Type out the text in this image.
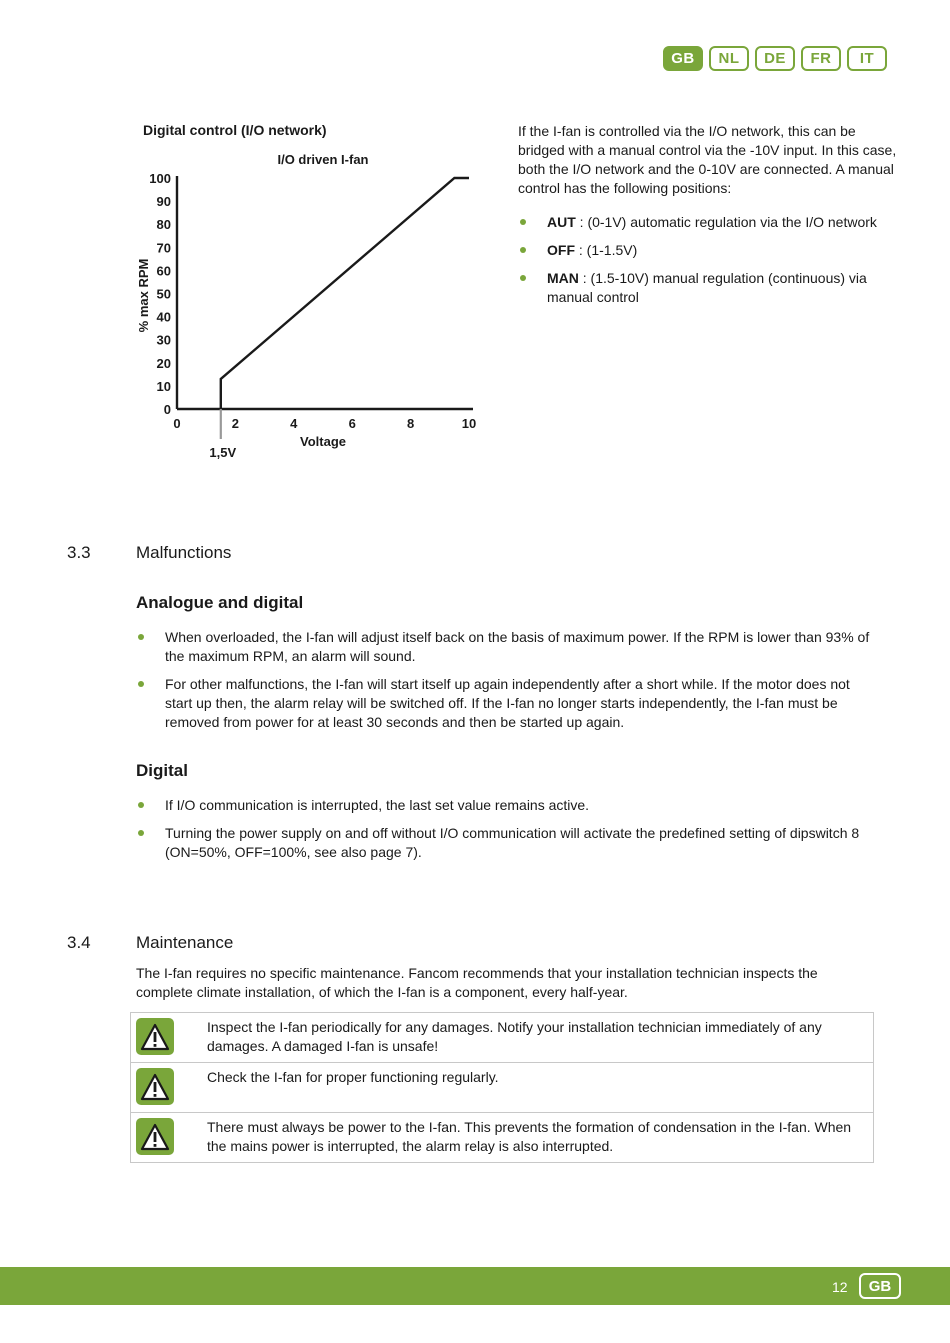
GB	NL	DE	FR	IT
Digital control (I/O network)
I/O driven I-fan
0
10
20
30
40
50
60
70
80
90
100
0	2	4	6	8	10
Voltage
% max RPM
1,5V

If the I-fan is controlled via the I/O network, this can be bridged with a manual control via the -10V input. In this case, both the I/O network and the 0-10V are connected. A manual control has the following positions:

AUT : (0-1V) automatic regulation via the I/O network
OFF : (1-1.5V)
MAN : (1.5-10V) manual regulation (continuous) via manual control
3.3	Malfunctions
Analogue and digital
When overloaded, the I-fan will adjust itself back on the basis of maximum power. If the RPM is lower than 93% of the maximum RPM, an alarm will sound.
For other malfunctions, the I-fan will start itself up again independently after a short while. If the motor does not start up then, the alarm relay will be switched off. If the I-fan no longer starts independently, the I-fan must be removed from power for at least 30 seconds and then be started up again.
Digital
If I/O communication is interrupted, the last set value remains active.
Turning the power supply on and off without I/O communication will activate the predefined setting of dipswitch 8 (ON=50%, OFF=100%, see also page 7).
3.4	Maintenance

The I-fan requires no specific maintenance. Fancom recommends that your installation technician inspects the complete climate installation, of which the I-fan is a component, every half-year.

Inspect the I-fan periodically for any damages. Notify your installation technician immediately of any damages. A damaged I-fan is unsafe!
Check the I-fan for proper functioning regularly.
There must always be power to the I-fan. This prevents the formation of condensation in the I-fan. When the mains power is interrupted, the alarm relay is also interrupted.
12	GB
